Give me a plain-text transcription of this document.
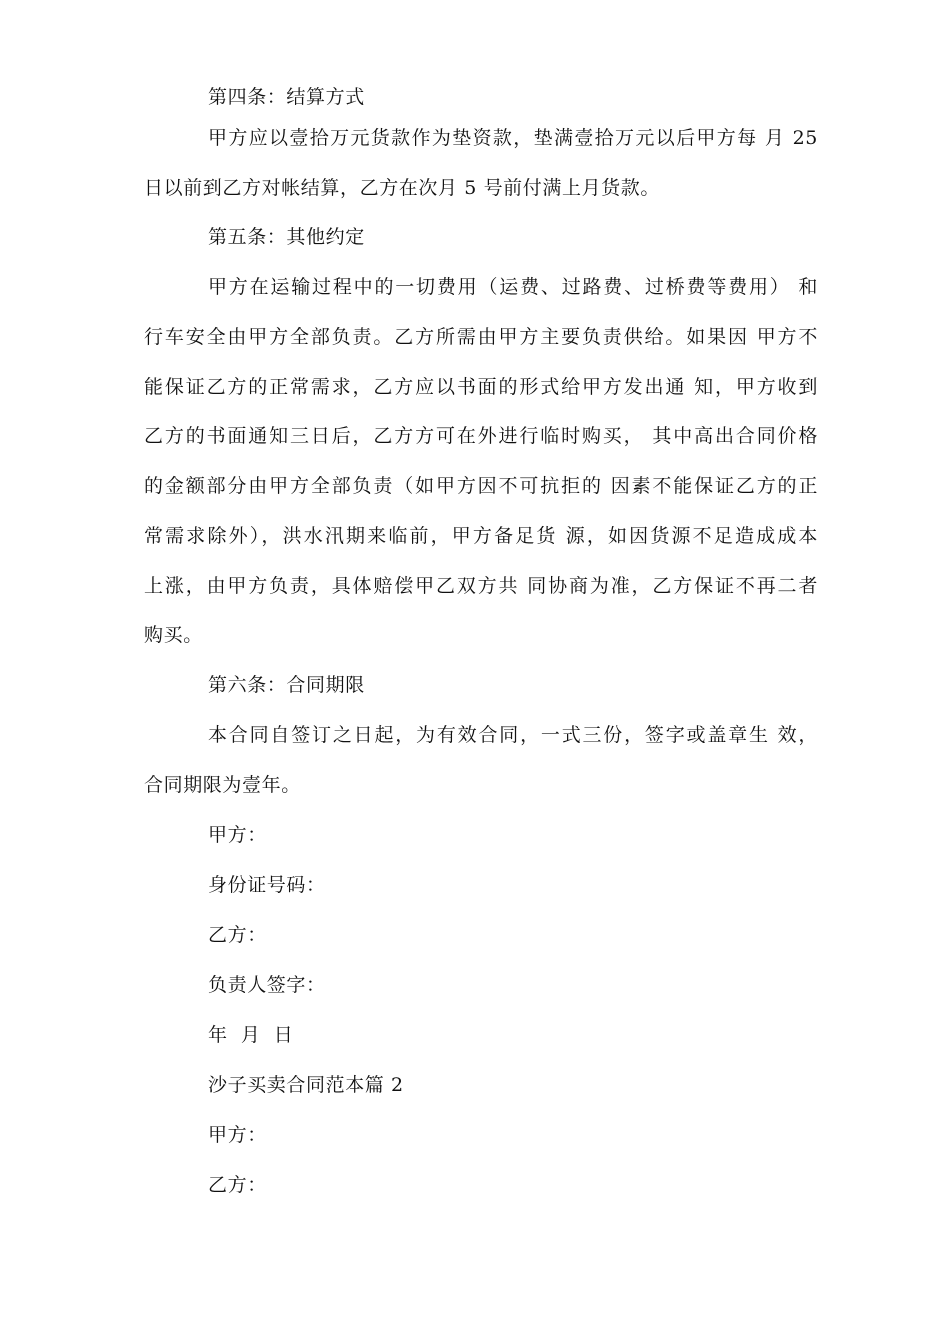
第四条：结算方式
甲方应以壹拾万元货款作为垫资款，垫满壹拾万元以后甲方每 月 25
日以前到乙方对帐结算，乙方在次月 5 号前付满上月货款。
第五条：其他约定
甲方在运输过程中的一切费用（运费、过路费、过桥费等费用） 和
行车安全由甲方全部负责。乙方所需由甲方主要负责供给。如果因 甲方不
能保证乙方的正常需求，乙方应以书面的形式给甲方发出通 知，甲方收到
乙方的书面通知三日后，乙方方可在外进行临时购买， 其中高出合同价格
的金额部分由甲方全部负责（如甲方因不可抗拒的 因素不能保证乙方的正
常需求除外），洪水汛期来临前，甲方备足货 源，如因货源不足造成成本
上涨，由甲方负责，具体赔偿甲乙双方共 同协商为准，乙方保证不再二者
购买。
第六条：合同期限
本合同自签订之日起，为有效合同，一式三份，签字或盖章生 效，
合同期限为壹年。
甲方：
身份证号码：
乙方：
负责人签字：
年  月  日
沙子买卖合同范本篇 2
甲方：
乙方：
